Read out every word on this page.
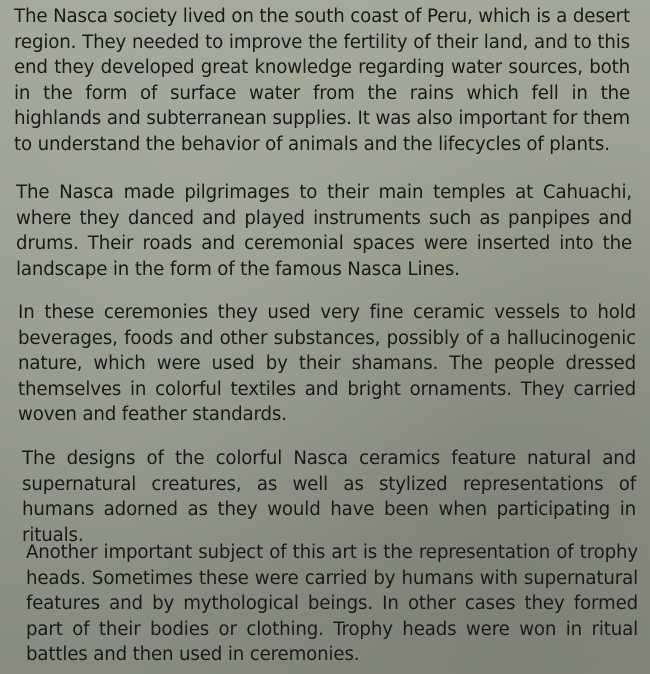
The Nasca society lived on the south coast of Peru, which is a desert region. They needed to improve the fertility of their land, and to this end they developed great knowledge regarding water sources, both in the form of surface water from the rains which fell in the highlands and subterranean supplies. It was also important for them to understand the behavior of animals and the lifecycles of plants.

The Nasca made pilgrimages to their main temples at Cahuachi, where they danced and played instruments such as panpipes and drums. Their roads and ceremonial spaces were inserted into the landscape in the form of the famous Nasca Lines.

In these ceremonies they used very fine ceramic vessels to hold beverages, foods and other substances, possibly of a hallucinogenic nature, which were used by their shamans. The people dressed themselves in colorful textiles and bright ornaments. They carried woven and feather standards.

The designs of the colorful Nasca ceramics feature natural and supernatural creatures, as well as stylized representations of humans adorned as they would have been when participating in rituals.

Another important subject of this art is the representation of trophy heads. Sometimes these were carried by humans with supernatural features and by mythological beings. In other cases they formed part of their bodies or clothing. Trophy heads were won in ritual battles and then used in ceremonies.
